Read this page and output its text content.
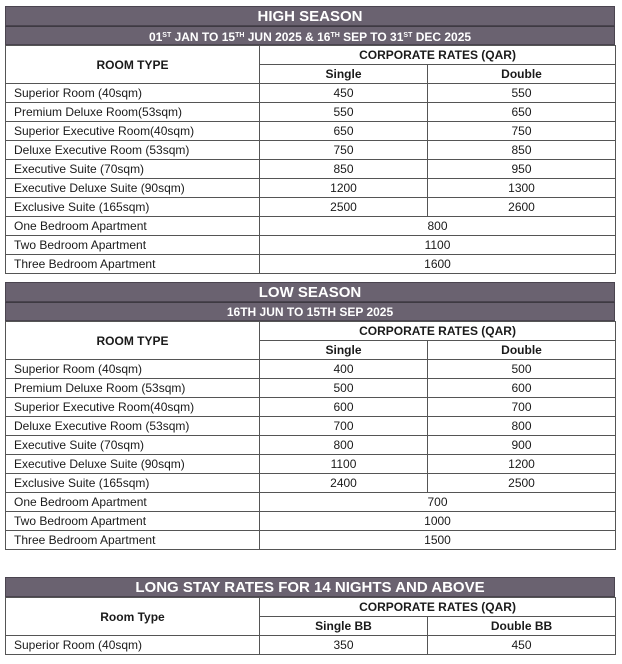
HIGH SEASON
01ST JAN TO 15TH JUN 2025 & 16TH SEP TO 31ST DEC 2025
ROOM TYPE	CORPORATE RATES (QAR)	
	Single	Double
Superior Room (40sqm)	450	550
Premium Deluxe Room(53sqm)	550	650
Superior Executive Room(40sqm)	650	750
Deluxe Executive Room (53sqm)	750	850
Executive Suite (70sqm)	850	950
Executive Deluxe Suite (90sqm)	1200	1300
Exclusive Suite (165sqm)	2500	2600
One Bedroom Apartment	800	
Two Bedroom Apartment	1100	
Three Bedroom Apartment	1600	
LOW SEASON
16TH JUN TO 15TH SEP 2025
ROOM TYPE	CORPORATE RATES (QAR)	
	Single	Double
Superior Room (40sqm)	400	500
Premium Deluxe Room (53sqm)	500	600
Superior Executive Room(40sqm)	600	700
Deluxe Executive Room (53sqm)	700	800
Executive Suite (70sqm)	800	900
Executive Deluxe Suite (90sqm)	1100	1200
Exclusive Suite (165sqm)	2400	2500
One Bedroom Apartment	700	
Two Bedroom Apartment	1000	
Three Bedroom Apartment	1500	
LONG STAY RATES FOR 14 NIGHTS AND ABOVE
Room Type	CORPORATE RATES (QAR)	
	Single BB	Double BB
Superior Room (40sqm)	350	450
